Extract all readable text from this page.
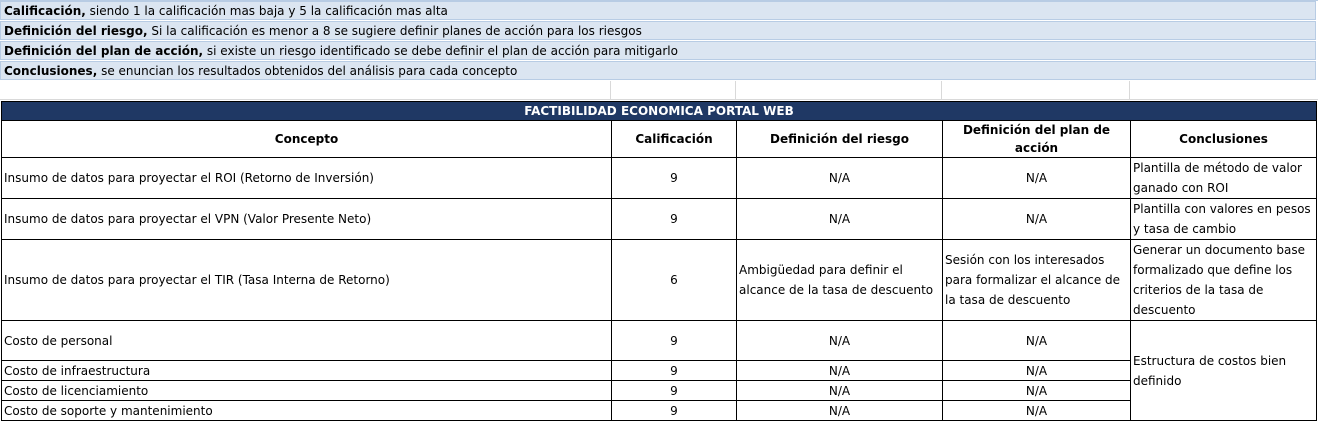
Calificación, siendo 1 la calificación mas baja y 5 la calificación mas alta
Definición del riesgo, Si la calificación es menor a 8 se sugiere definir planes de acción para los riesgos
Definición del plan de acción, si existe un riesgo identificado se debe definir el plan de acción para mitigarlo
Conclusiones, se enuncian los resultados obtenidos del análisis para cada concepto
FACTIBILIDAD ECONOMICA PORTAL WEB				
Concepto	Calificación	Definición del riesgo	Definición del plan de acción	Conclusiones
Insumo de datos para proyectar el ROI (Retorno de Inversión)	9	N/A	N/A	Plantilla de método de valor ganado con ROI
Insumo de datos para proyectar el VPN (Valor Presente Neto)	9	N/A	N/A	Plantilla con valores en pesos y tasa de cambio
Insumo de datos para proyectar el TIR (Tasa Interna de Retorno)	6	Ambigüedad para definir el alcance de la tasa de descuento	Sesión con los interesados para formalizar el alcance de la tasa de descuento	Generar un documento base formalizado que define los criterios de la tasa de descuento
Costo de personal	9	N/A	N/A	Estructura de costos bien definido
Costo de infraestructura	9	N/A	N/A	
Costo de licenciamiento	9	N/A	N/A	
Costo de soporte y mantenimiento	9	N/A	N/A	
